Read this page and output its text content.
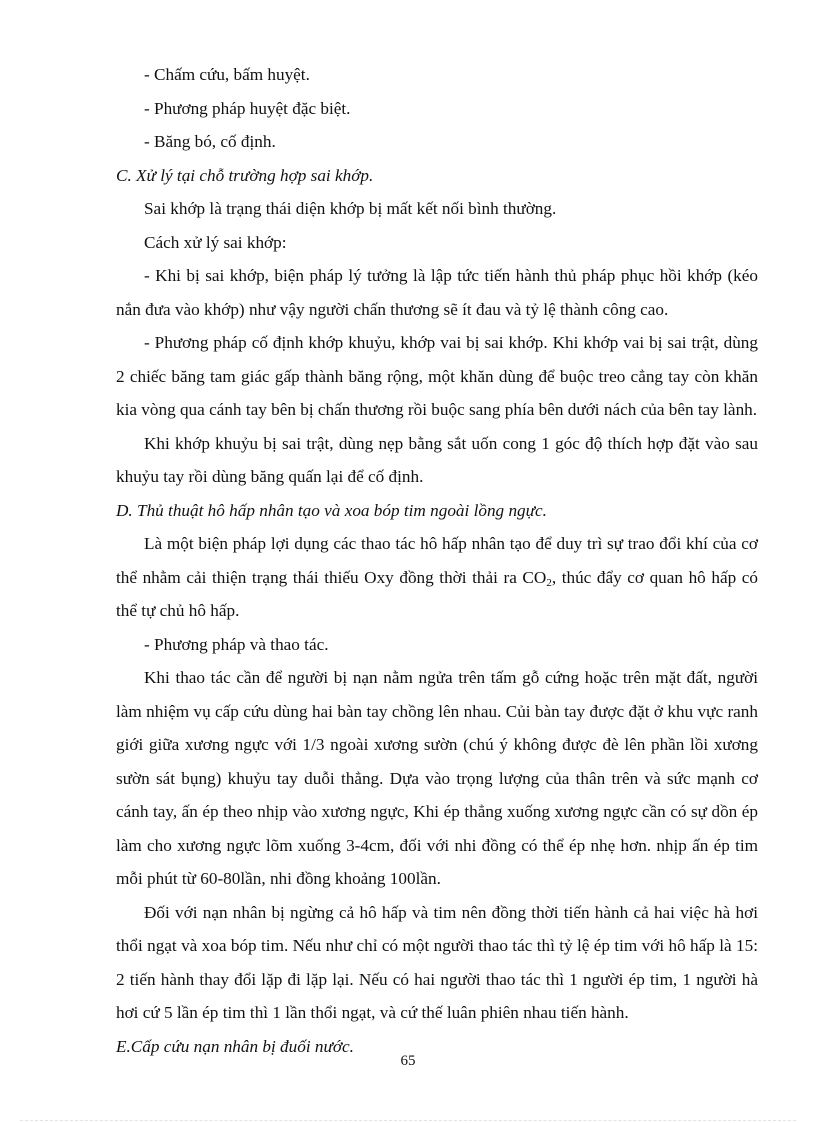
- Chấm cứu, bấm huyệt.

- Phương pháp huyệt đặc biệt.

- Băng bó, cố định.

C. Xử lý tại chỗ trường hợp sai khớp.

Sai khớp là trạng thái diện khớp bị mất kết nối bình thường.

Cách xử lý sai khớp:

- Khi bị sai khớp, biện pháp lý tưởng là lập tức tiến hành thủ pháp phục hồi khớp (kéo nắn đưa vào khớp) như vậy người chấn thương sẽ ít đau và tỷ lệ thành công cao.

- Phương pháp cố định khớp khuỷu, khớp vai bị sai khớp. Khi khớp vai bị sai trật, dùng 2 chiếc băng tam giác gấp thành băng rộng, một khăn dùng để buộc treo cẳng tay còn khăn kia vòng qua cánh tay bên bị chấn thương rồi buộc sang phía bên dưới nách của bên tay lành.

Khi khớp khuỷu bị sai trật, dùng nẹp bằng sắt uốn cong 1 góc độ thích hợp đặt vào sau khuỷu tay rồi dùng băng quấn lại để cố định.

D. Thủ thuật hô hấp nhân tạo và xoa bóp tim ngoài lồng ngực.

Là một biện pháp lợi dụng các thao tác hô hấp nhân tạo để duy trì sự trao đổi khí của cơ thể nhằm cải thiện trạng thái thiếu Oxy đồng thời thải ra $CO_2$, thúc đẩy cơ quan hô hấp có thể tự chủ hô hấp.

- Phương pháp và thao tác.

Khi thao tác cần để người bị nạn nằm ngửa trên tấm gỗ cứng hoặc trên mặt đất, người làm nhiệm vụ cấp cứu dùng hai bàn tay chồng lên nhau. Củi bàn tay được đặt ở khu vực ranh giới giữa xương ngực với 1/3 ngoài xương sườn (chú ý không được đè lên phần lồi xương sườn sát bụng) khuỷu tay duỗi thẳng. Dựa vào trọng lượng của thân trên và sức mạnh cơ cánh tay, ấn ép theo nhịp vào xương ngực, Khi ép thẳng xuống xương ngực cần có sự dồn ép làm cho xương ngực lõm xuống 3-4cm, đối với nhi đồng có thể ép nhẹ hơn. nhịp ấn ép tim mỗi phút từ 60-80lần, nhi đồng khoảng 100lần.

Đối với nạn nhân bị ngừng cả hô hấp và tim nên đồng thời tiến hành cả hai việc hà hơi thổi ngạt và xoa bóp tim. Nếu như chỉ có một người thao tác thì tỷ lệ ép tim với hô hấp là 15: 2 tiến hành thay đổi lặp đi lặp lại. Nếu có hai người thao tác thì 1 người ép tim, 1 người hà hơi cứ 5 lần ép tim thì 1 lần thổi ngạt, và cứ thế luân phiên nhau tiến hành.

E.Cấp cứu nạn nhân bị đuối nước.

65
